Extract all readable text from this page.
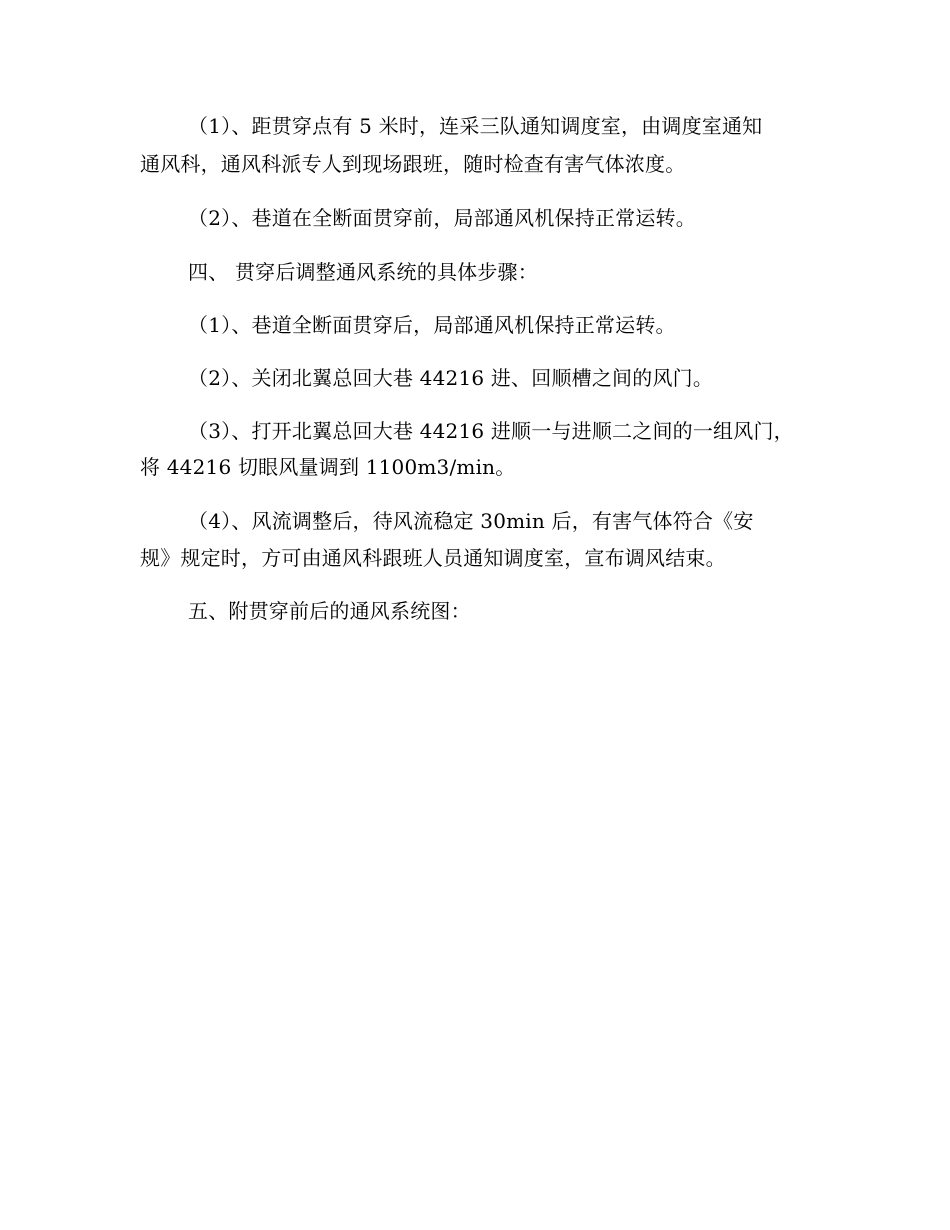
（1）、距贯穿点有 5 米时，连采三队通知调度室，由调度室通知
通风科，通风科派专人到现场跟班，随时检查有害气体浓度。
（2）、巷道在全断面贯穿前，局部通风机保持正常运转。
四、 贯穿后调整通风系统的具体步骤：
（1）、巷道全断面贯穿后，局部通风机保持正常运转。
（2）、关闭北翼总回大巷 44216 进、回顺槽之间的风门。
（3）、打开北翼总回大巷 44216 进顺一与进顺二之间的一组风门，
将 44216 切眼风量调到 1100m3/min。
（4）、风流调整后，待风流稳定 30min 后，有害气体符合《安
规》规定时，方可由通风科跟班人员通知调度室，宣布调风结束。
五、附贯穿前后的通风系统图：
